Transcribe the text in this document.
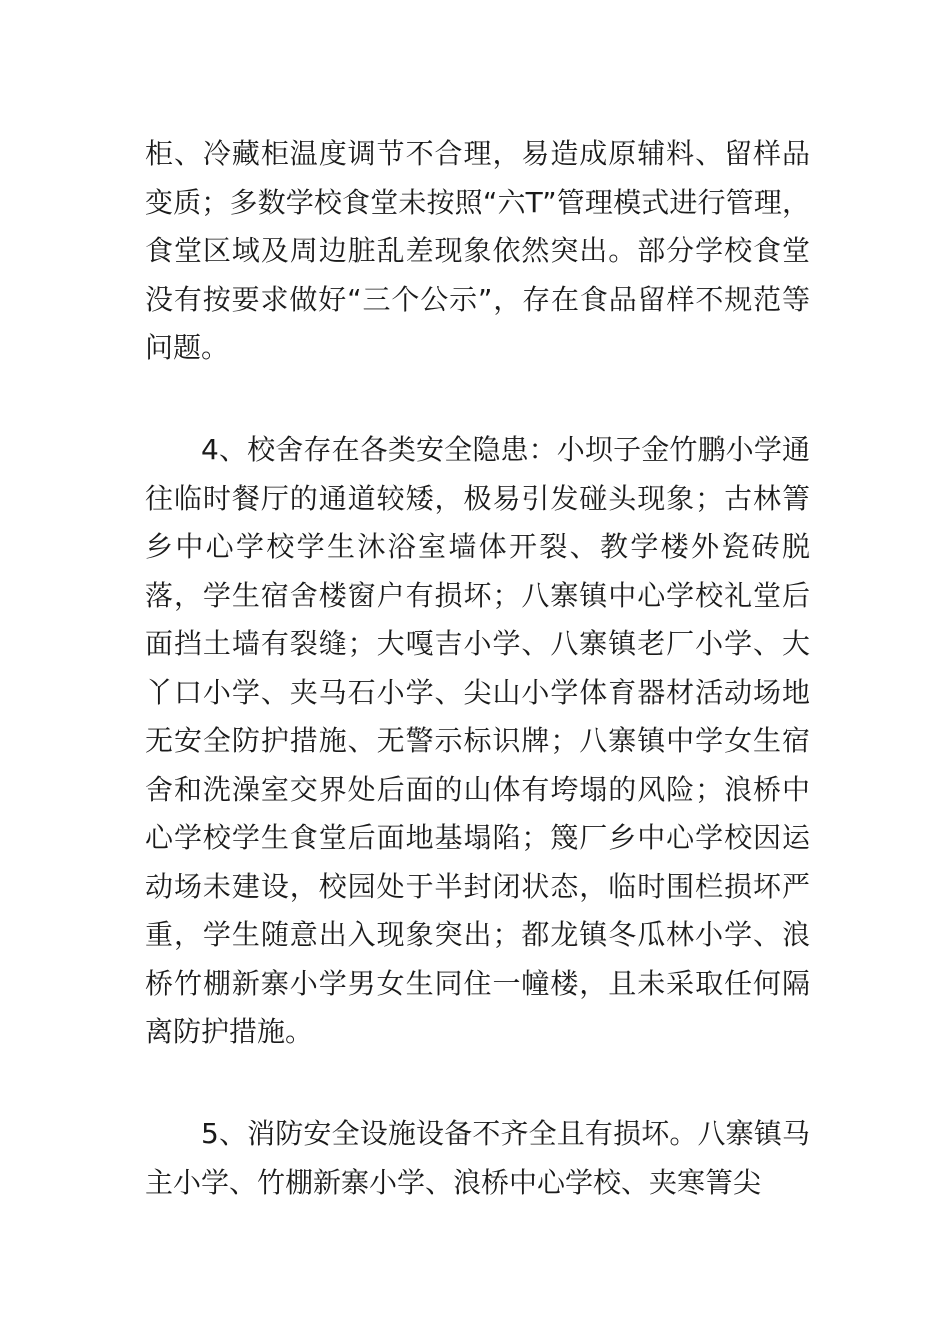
柜、冷藏柜温度调节不合理，易造成原辅料、留样品变质；多数学校食堂未按照“六T”管理模式进行管理，食堂区域及周边脏乱差现象依然突出。部分学校食堂没有按要求做好“三个公示”，存在食品留样不规范等问题。

4、校舍存在各类安全隐患：小坝子金竹鹏小学通往临时餐厅的通道较矮，极易引发碰头现象；古林箐乡中心学校学生沐浴室墙体开裂、教学楼外瓷砖脱落，学生宿舍楼窗户有损坏；八寨镇中心学校礼堂后面挡土墙有裂缝；大嘎吉小学、八寨镇老厂小学、大丫口小学、夹马石小学、尖山小学体育器材活动场地无安全防护措施、无警示标识牌；八寨镇中学女生宿舍和洗澡室交界处后面的山体有垮塌的风险；浪桥中心学校学生食堂后面地基塌陷；篾厂乡中心学校因运动场未建设，校园处于半封闭状态，临时围栏损坏严重，学生随意出入现象突出；都龙镇冬瓜林小学、浪桥竹棚新寨小学男女生同住一幢楼，且未采取任何隔离防护措施。

5、消防安全设施设备不齐全且有损坏。八寨镇马主小学、竹棚新寨小学、浪桥中心学校、夹寒箐尖
